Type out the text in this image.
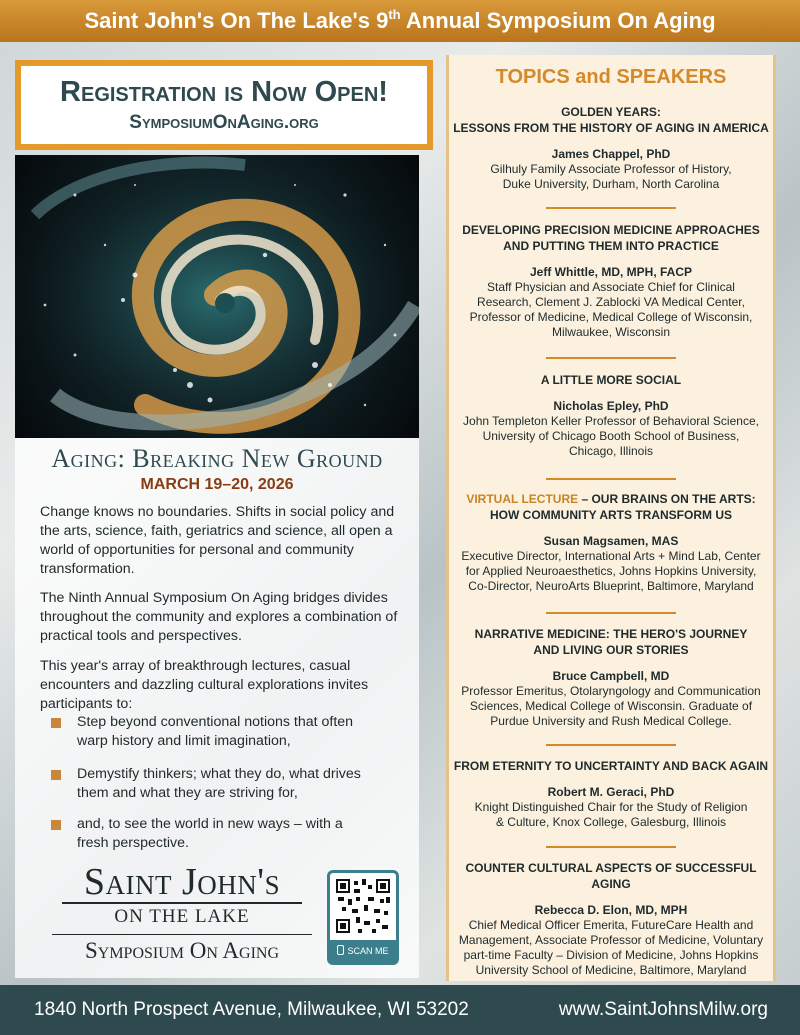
Saint John's On The Lake's 9th Annual Symposium On Aging
Registration is Now Open!
SymposiumOnAging.org
Aging: Breaking New Ground
MARCH 19–20, 2026
Change knows no boundaries. Shifts in social policy and the arts, science, faith, geriatrics and science, all open a world of opportunities for personal and community transformation.
The Ninth Annual Symposium On Aging bridges divides throughout the community and explores a combination of practical tools and perspectives.
This year's array of breakthrough lectures, casual encounters and dazzling cultural explorations invites participants to:
Step beyond conventional notions that often warp history and limit imagination,
Demystify thinkers; what they do, what drives them and what they are striving for,
and, to see the world in new ways – with a fresh perspective.
Saint John's
ON THE LAKE
Symposium On Aging	SCAN ME
TOPICS and SPEAKERS
GOLDEN YEARS:
LESSONS FROM THE HISTORY OF AGING IN AMERICA
James Chappel, PhD
Gilhuly Family Associate Professor of History,
Duke University, Durham, North Carolina
DEVELOPING PRECISION MEDICINE APPROACHES
AND PUTTING THEM INTO PRACTICE
Jeff Whittle, MD, MPH, FACP
Staff Physician and Associate Chief for Clinical
Research, Clement J. Zablocki VA Medical Center,
Professor of Medicine, Medical College of Wisconsin,
Milwaukee, Wisconsin
A LITTLE MORE SOCIAL
Nicholas Epley, PhD
John Templeton Keller Professor of Behavioral Science,
University of Chicago Booth School of Business,
Chicago, Illinois
VIRTUAL LECTURE – OUR BRAINS ON THE ARTS:
HOW COMMUNITY ARTS TRANSFORM US
Susan Magsamen, MAS
Executive Director, International Arts + Mind Lab, Center
for Applied Neuroaesthetics, Johns Hopkins University,
Co-Director, NeuroArts Blueprint, Baltimore, Maryland
NARRATIVE MEDICINE: THE HERO'S JOURNEY
AND LIVING OUR STORIES
Bruce Campbell, MD
Professor Emeritus, Otolaryngology and Communication
Sciences, Medical College of Wisconsin. Graduate of
Purdue University and Rush Medical College.
FROM ETERNITY TO UNCERTAINTY AND BACK AGAIN
Robert M. Geraci, PhD
Knight Distinguished Chair for the Study of Religion
& Culture, Knox College, Galesburg, Illinois
COUNTER CULTURAL ASPECTS OF SUCCESSFUL AGING
Rebecca D. Elon, MD, MPH
Chief Medical Officer Emerita, FutureCare Health and
Management, Associate Professor of Medicine, Voluntary
part-time Faculty – Division of Medicine, Johns Hopkins
University School of Medicine, Baltimore, Maryland
1840 North Prospect Avenue, Milwaukee, WI 53202	www.SaintJohnsMilw.org
